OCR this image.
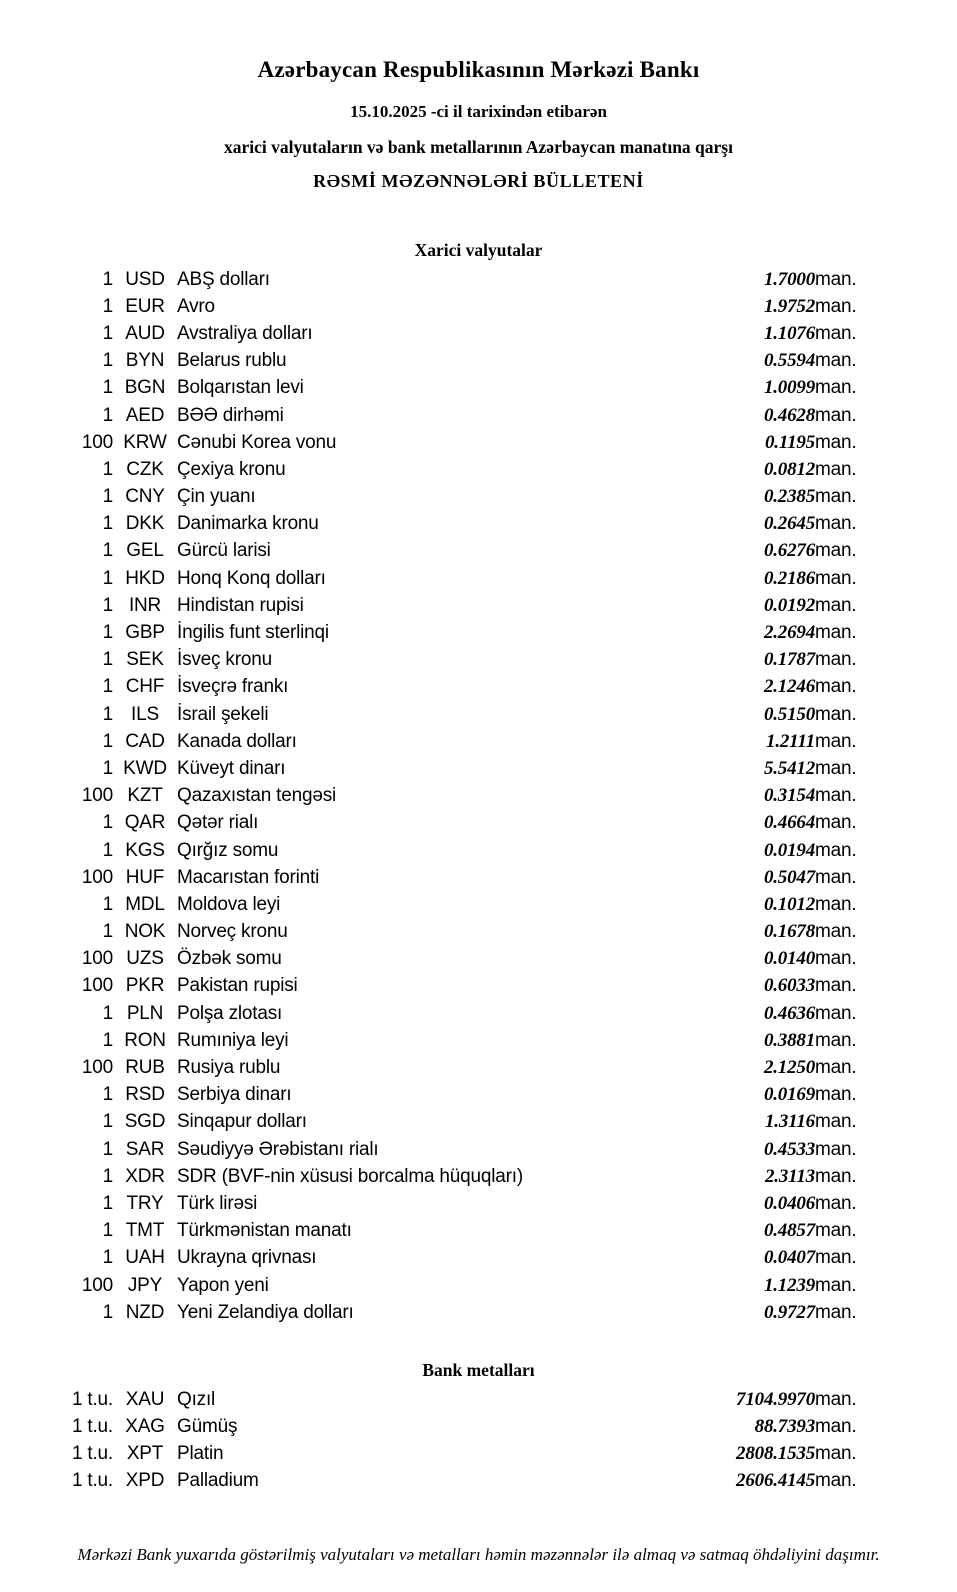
Azərbaycan Respublikasının Mərkəzi Bankı
15.10.2025 -ci il tarixindən etibarən
xarici valyutaların və bank metallarının Azərbaycan manatına qarşı
RƏSMİ MƏZƏNNƏLƏRİ BÜLLETENİ
Xarici valyutalar
1	USD	ABŞ dolları	1.7000	man.
1	EUR	Avro	1.9752	man.
1	AUD	Avstraliya dolları	1.1076	man.
1	BYN	Belarus rublu	0.5594	man.
1	BGN	Bolqarıstan levi	1.0099	man.
1	AED	BƏƏ dirhəmi	0.4628	man.
100	KRW	Cənubi Korea vonu	0.1195	man.
1	CZK	Çexiya kronu	0.0812	man.
1	CNY	Çin yuanı	0.2385	man.
1	DKK	Danimarka kronu	0.2645	man.
1	GEL	Gürcü larisi	0.6276	man.
1	HKD	Honq Konq dolları	0.2186	man.
1	INR	Hindistan rupisi	0.0192	man.
1	GBP	İngilis funt sterlinqi	2.2694	man.
1	SEK	İsveç kronu	0.1787	man.
1	CHF	İsveçrə frankı	2.1246	man.
1	ILS	İsrail şekeli	0.5150	man.
1	CAD	Kanada dolları	1.2111	man.
1	KWD	Küveyt dinarı	5.5412	man.
100	KZT	Qazaxıstan tengəsi	0.3154	man.
1	QAR	Qətər rialı	0.4664	man.
1	KGS	Qırğız somu	0.0194	man.
100	HUF	Macarıstan forinti	0.5047	man.
1	MDL	Moldova leyi	0.1012	man.
1	NOK	Norveç kronu	0.1678	man.
100	UZS	Özbək somu	0.0140	man.
100	PKR	Pakistan rupisi	0.6033	man.
1	PLN	Polşa zlotası	0.4636	man.
1	RON	Rumıniya leyi	0.3881	man.
100	RUB	Rusiya rublu	2.1250	man.
1	RSD	Serbiya dinarı	0.0169	man.
1	SGD	Sinqapur dolları	1.3116	man.
1	SAR	Səudiyyə Ərəbistanı rialı	0.4533	man.
1	XDR	SDR (BVF-nin xüsusi borcalma hüquqları)	2.3113	man.
1	TRY	Türk lirəsi	0.0406	man.
1	TMT	Türkmənistan manatı	0.4857	man.
1	UAH	Ukrayna qrivnası	0.0407	man.
100	JPY	Yapon yeni	1.1239	man.
1	NZD	Yeni Zelandiya dolları	0.9727	man.
Bank metalları
1 t.u.	XAU	Qızıl	7104.9970	man.
1 t.u.	XAG	Gümüş	88.7393	man.
1 t.u.	XPT	Platin	2808.1535	man.
1 t.u.	XPD	Palladium	2606.4145	man.
Mərkəzi Bank yuxarıda göstərilmiş valyutaları və metalları həmin məzənnələr ilə almaq və satmaq öhdəliyini daşımır.
